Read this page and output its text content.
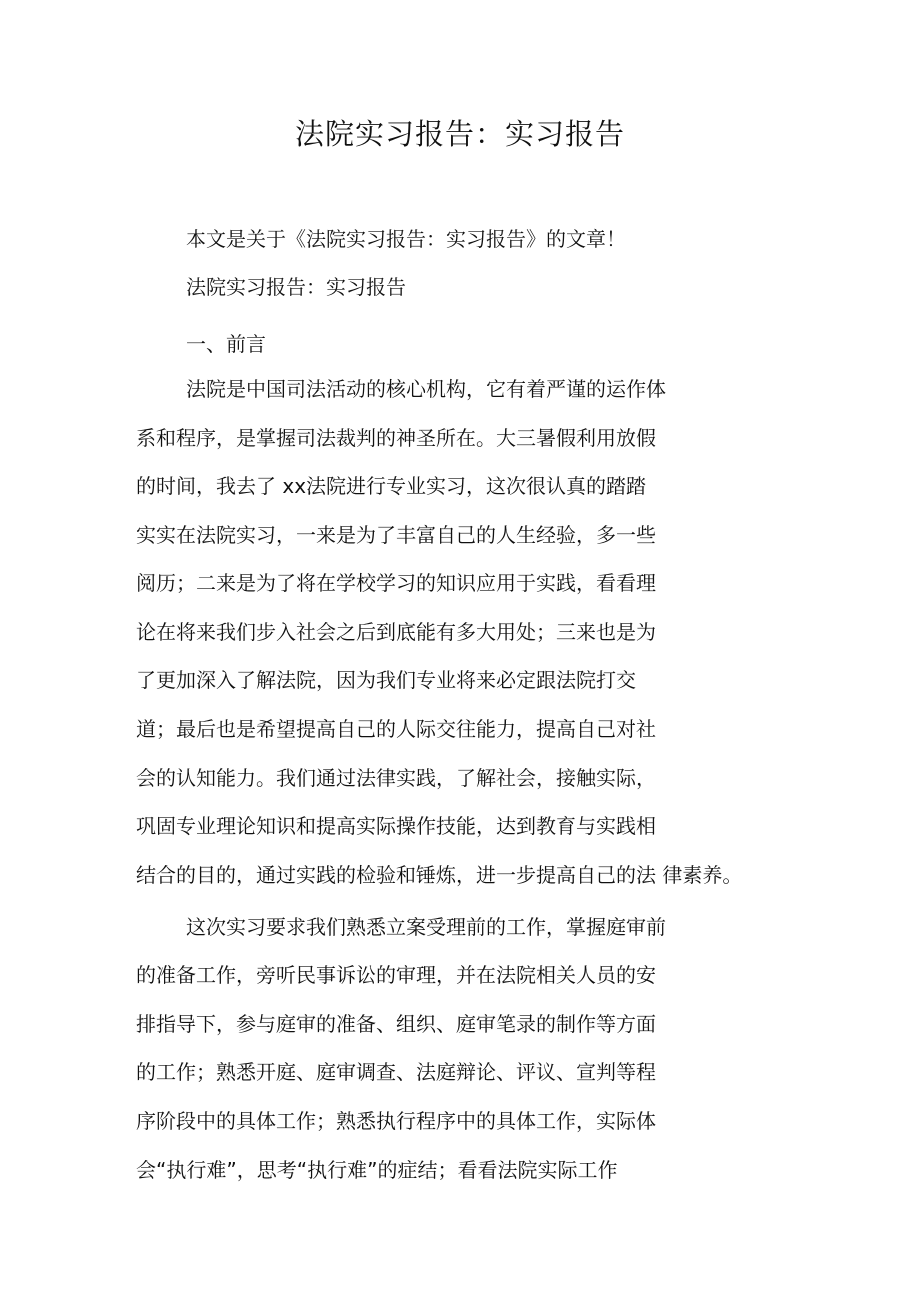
法院实习报告：实习报告
本文是关于《法院实习报告：实习报告》的文章！
法院实习报告：实习报告
一、前言
法院是中国司法活动的核心机构，它有着严谨的运作体
系和程序，是掌握司法裁判的神圣所在。大三暑假利用放假
的时间，我去了 xx法院进行专业实习，这次很认真的踏踏
实实在法院实习，一来是为了丰富自己的人生经验，多一些
阅历；二来是为了将在学校学习的知识应用于实践，看看理
论在将来我们步入社会之后到底能有多大用处；三来也是为
了更加深入了解法院，因为我们专业将来必定跟法院打交
道；最后也是希望提高自己的人际交往能力，提高自己对社
会的认知能力。我们通过法律实践，了解社会，接触实际，
巩固专业理论知识和提高实际操作技能，达到教育与实践相
结合的目的，通过实践的检验和锤炼，进一步提高自己的法 律素养。
这次实习要求我们熟悉立案受理前的工作，掌握庭审前
的准备工作，旁听民事诉讼的审理，并在法院相关人员的安
排指导下，参与庭审的准备、组织、庭审笔录的制作等方面
的工作；熟悉开庭、庭审调查、法庭辩论、评议、宣判等程
序阶段中的具体工作；熟悉执行程序中的具体工作，实际体
会“执行难”，思考“执行难”的症结；看看法院实际工作
